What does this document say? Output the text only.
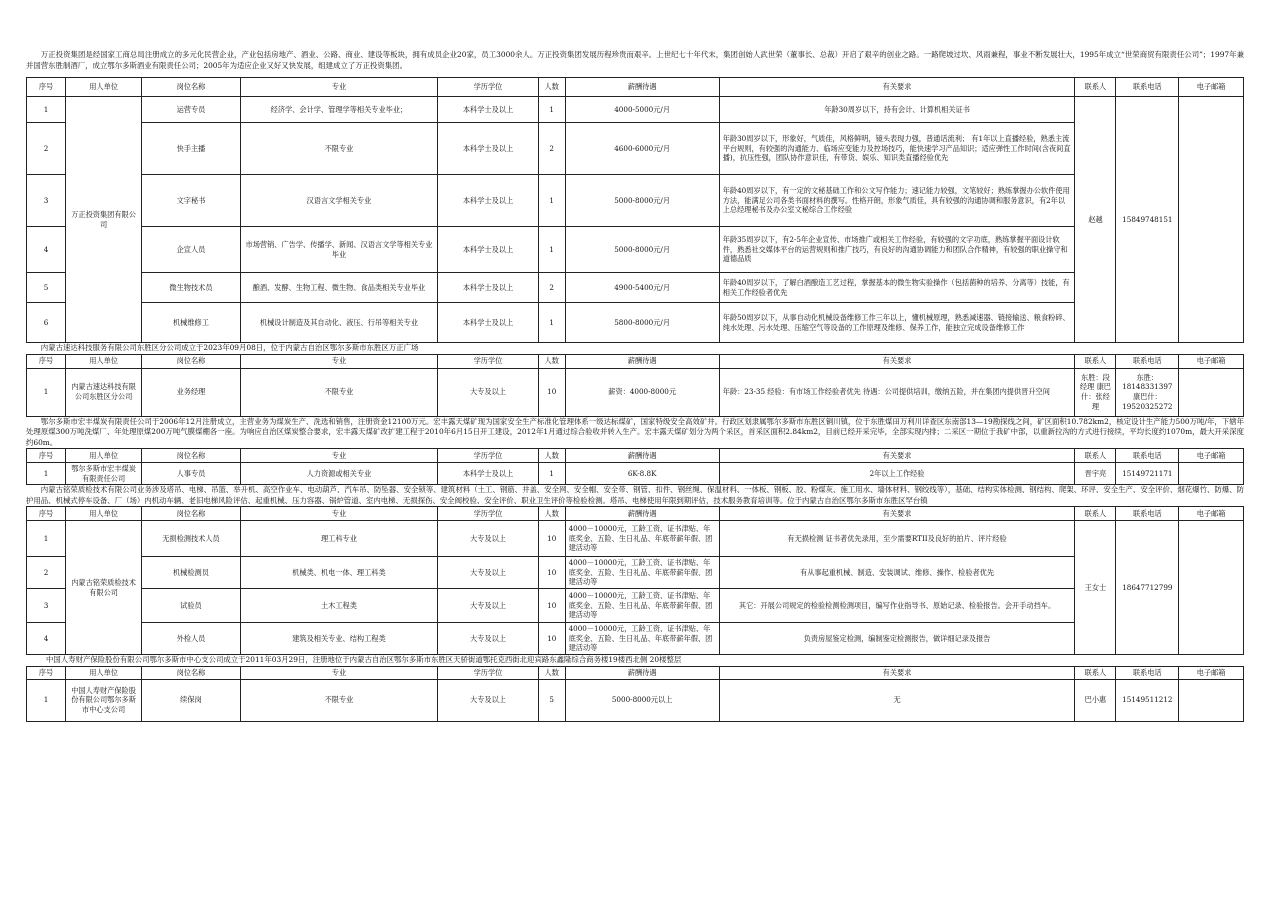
万正投资集团是经国家工商总局注册成立的多元化民营企业，产业包括房地产、酒业、公路、商业、建设等板块，拥有成员企业20家，员工3000余人。万正投资集团发展历程珍贵而艰辛。上世纪七十年代末，集团创始人武世荣（董事长、总裁）开启了艰辛的创业之路。一路爬坡过坎、风雨兼程，事业不断发展壮大，1995年成立“世荣商贸有限责任公司”；1997年兼并国营东胜制酒厂，成立鄂尔多斯酒业有限责任公司；2005年为适应企业又好又快发展，组建成立了万正投资集团。

序号	用人单位	岗位名称	专业	学历学位	人数	薪酬待遇	有关要求	联系人	联系电话	电子邮箱
1	万正投资集团有限公司	运营专员	经济学、会计学、管理学等相关专业毕业；	本科学士及以上	1	4000-5000元/月	年龄30周岁以下，持有会计、计算机相关证书	赵越	15849748151	
2		快手主播	不限专业	本科学士及以上	2	4600-6000元/月	年龄30周岁以下，形象好，气质佳，风格鲜明，镜头表现力强，普通话流利； 有1年以上直播经验，熟悉主流平台规则，有较强的沟通能力、临场应变能力及控场技巧，能快速学习产品知识；适应弹性工作时间(含夜间直播)，抗压性强，团队协作意识佳，有带货、娱乐、知识类直播经验优先			
3		文字秘书	汉语言文学相关专业	本科学士及以上	1	5000-8000元/月	年龄40周岁以下，有一定的文秘基础工作和公文写作能力；速记能力较强，文笔较好；熟练掌握办公软件使用方法，能满足公司各类书面材料的撰写。性格开朗，形象气质佳，具有较强的沟通协调和服务意识，有2年以上总经理秘书及办公室文秘综合工作经验			
4		企宣人员	市场营销、广告学、传播学、新闻、汉语言文学等相关专业毕业	本科学士及以上	1	5000-8000元/月	年龄35周岁以下，有2-5年企业宣传、市场推广或相关工作经验，有较强的文字功底，熟练掌握平面设计软件，熟悉社交媒体平台的运营规则和推广技巧，有良好的沟通协调能力和团队合作精神，有较强的职业操守和道德品质			
5		微生物技术员	酿酒、发酵、生物工程、微生物、食品类相关专业毕业	本科学士及以上	2	4900-5400元/月	年龄40周岁以下，了解白酒酿造工艺过程，掌握基本的微生物实验操作（包括菌种的培养、分离等）技能，有相关工作经验者优先			
6		机械维修工	机械设计制造及其自动化、液压、行吊等相关专业	本科学士及以上	1	5800-8000元/月	年龄50周岁以下，从事自动化机械设备维修工作三年以上，懂机械原理，熟悉减速器、链接输送、粮食粉碎、纯水处理、污水处理、压缩空气等设备的工作原理及维修、保养工作，能独立完成设备维修工作			

内蒙古速达科技服务有限公司东胜区分公司成立于2023年09月08日，位于内蒙古自治区鄂尔多斯市东胜区万正广场

序号	用人单位	岗位名称	专业	学历学位	人数	薪酬待遇	有关要求	联系人	联系电话	电子邮箱
1	内蒙古速达科技有限公司东胜区分公司	业务经理	不限专业	大专及以上	10	薪资：4000-8000元	年龄：23-35 经验：有市场工作经验者优先 待遇：公司提供培训，缴纳五险，并在集团内提供晋升空间	东胜：段经理 康巴什：张经理	东胜：18148331397 康巴什：19520325272	

鄂尔多斯市宏丰煤炭有限责任公司于2006年12月注册成立，主营业务为煤炭生产、洗选和销售，注册资金12100万元。宏丰露天煤矿现为国家安全生产标准化管理体系一级达标煤矿，国家特级安全高效矿井。行政区划隶属鄂尔多斯市东胜区铜川镇，位于东胜煤田万利川详查区东南部13—19勘探线之间，矿区面积10.782km2，核定设计生产能力500万吨/年，下辖年处理原煤300万吨洗煤厂、年处理原煤200万吨气膜煤棚各一座。为响应自治区煤炭整合要求，宏丰露天煤矿改扩建工程于2010年6月15日开工建设，2012年1月通过综合验收并转入生产。宏丰露天煤矿划分为两个采区，首采区面积2.84km2，目前已经开采完毕，全部实现内排；二采区一期位于我矿中部，以重新拉沟的方式进行接续，平均长度约1070m，最大开采深度约60m。

序号	用人单位	岗位名称	专业	学历学位	人数	薪酬待遇	有关要求	联系人	联系电话	电子邮箱
1	鄂尔多斯市宏丰煤炭有限责任公司	人事专员	人力资源或相关专业	本科学士及以上	1	6K-8.8K	2年以上工作经验	晋宇亮	15149721171	

内蒙古铭荣质检技术有限公司业务涉及塔吊、电梯、吊篮、举升机、高空作业车、电动葫芦、汽车吊、防坠器、安全锁等、建筑材料（土工、钢筋、井盖、安全网、安全帽、安全带、钢管、扣件、钢丝绳、保温材料、一体板、钢板、胶、粉煤灰、施工用水、墙体材料、钢绞线等），基础、结构实体检测、钢结构、爬架、环评、安全生产、安全评价、烟花爆竹、防爆、防护用品、机械式停车设备、厂（场）内机动车辆、老旧电梯风险评估、起重机械、压力容器、锅炉管道、室内电梯、无损探伤、安全阀校验、安全评价、职业卫生评价等检验检测。塔吊、电梯使用年限到期评估，技术服务教育培训等。位于内蒙古自治区鄂尔多斯市东胜区罕台镇

序号	用人单位	岗位名称	专业	学历学位	人数	薪酬待遇	有关要求	联系人	联系电话	电子邮箱
1	内蒙古铭荣质检技术有限公司	无损检测技术人员	理工科专业	大专及以上	10	4000－10000元，工龄工资、证书津贴、年底奖金、五险、生日礼品、年底带薪年假、团建活动等	有无损检测 证书者优先录用，至少需要RTII及良好的拍片、评片经验	王女士	18647712799	
2		机械检测员	机械类、机电一体、理工科类	大专及以上	10	4000－10000元，工龄工资、证书津贴、年底奖金、五险、生日礼品、年底带薪年假、团建活动等	有从事起重机械、制造、安装调试、维修、操作、检验者优先			
3		试验员	土木工程类	大专及以上	10	4000－10000元，工龄工资、证书津贴、年底奖金、五险、生日礼品、年底带薪年假、团建活动等	其它：开展公司规定的检验检测检测项目，编写作业指导书、原始记录、检验报告。会开手动挡车。			
4		外检人员	建筑及相关专业、结构工程类	大专及以上	10	4000－10000元，工龄工资、证书津贴、年底奖金、五险、生日礼品、年底带薪年假、团建活动等	负责房屋鉴定检测，编制鉴定检测报告，做详细记录及报告			

中国人寿财产保险股份有限公司鄂尔多斯市中心支公司成立于2011年03月29日，注册地位于内蒙古自治区鄂尔多斯市东胜区天骄街道鄂托克西街北迎宾路东鑫隆综合商务楼19楼西北侧 20楼整层

序号	用人单位	岗位名称	专业	学历学位	人数	薪酬待遇	有关要求	联系人	联系电话	电子邮箱
1	中国人寿财产保险股份有限公司鄂尔多斯市中心支公司	续保岗	不限专业	大专及以上	5	5000-8000元以上	无	巴小惠	15149511212	
